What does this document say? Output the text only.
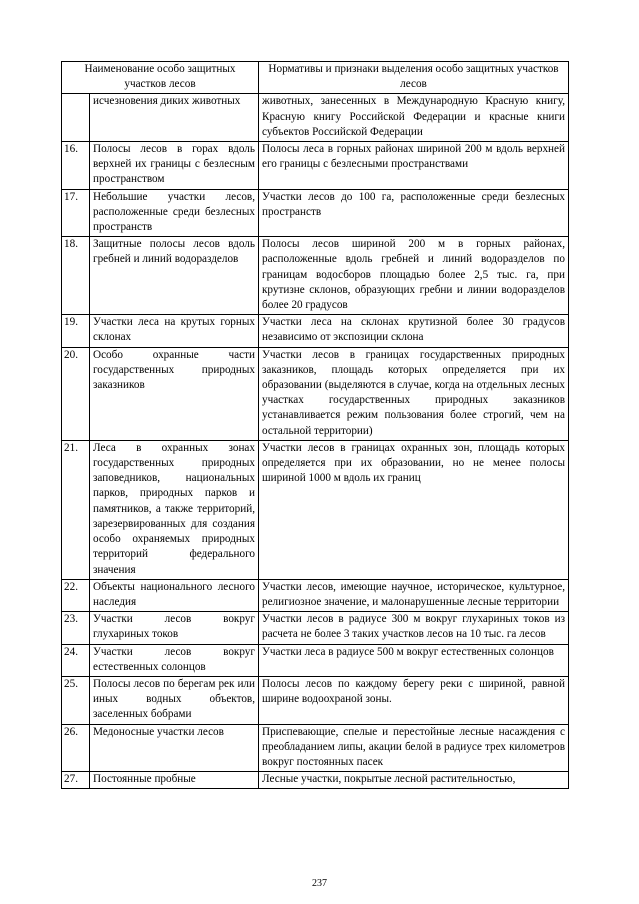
Наименование особо защитных участков лесов		Нормативы и признаки выделения особо защитных участков лесов
	исчезновения диких животных	животных, занесенных в Международную Красную книгу, Красную книгу Российской Федерации и красные книги субъектов Российской Федерации
16.	Полосы лесов в горах вдоль верхней их границы с безлесным пространством	Полосы леса в горных районах шириной 200 м вдоль верхней его границы с безлесными пространствами
17.	Небольшие участки лесов, расположенные среди безлесных пространств	Участки лесов до 100 га, расположенные среди безлесных пространств
18.	Защитные полосы лесов вдоль гребней и линий водоразделов	Полосы лесов шириной 200 м в горных районах, расположенные вдоль гребней и линий водоразделов по границам водосборов площадью более 2,5 тыс. га, при крутизне склонов, образующих гребни и линии водоразделов более 20 градусов
19.	Участки леса на крутых горных склонах	Участки леса на склонах крутизной более 30 градусов независимо от экспозиции склона
20.	Особо охранные части государственных природных заказников	Участки лесов в границах государственных природных заказников, площадь которых определяется при их образовании (выделяются в случае, когда на отдельных лесных участках государственных природных заказников устанавливается режим пользования более строгий, чем на остальной территории)
21.	Леса в охранных зонах государственных природных заповедников, национальных парков, природных парков и памятников, а также территорий, зарезервированных для создания особо охраняемых природных территорий федерального значения	Участки лесов в границах охранных зон, площадь которых определяется при их образовании, но не менее полосы шириной 1000 м вдоль их границ
22.	Объекты национального лесного наследия	Участки лесов, имеющие научное, историческое, культурное, религиозное значение, и малонарушенные лесные территории
23.	Участки лесов вокруг глухариных токов	Участки лесов в радиусе 300 м вокруг глухариных токов из расчета не более 3 таких участков лесов на 10 тыс. га лесов
24.	Участки лесов вокруг естественных солонцов	Участки леса в радиусе 500 м вокруг естественных солонцов
25.	Полосы лесов по берегам рек или иных водных объектов, заселенных бобрами	Полосы лесов по каждому берегу реки с шириной, равной ширине водоохраной зоны.
26.	Медоносные участки лесов	Приспевающие, спелые и перестойные лесные насаждения с преобладанием липы, акации белой в радиусе трех километров вокруг постоянных пасек
27.	Постоянные пробные	Лесные участки, покрытые лесной растительностью,
237
